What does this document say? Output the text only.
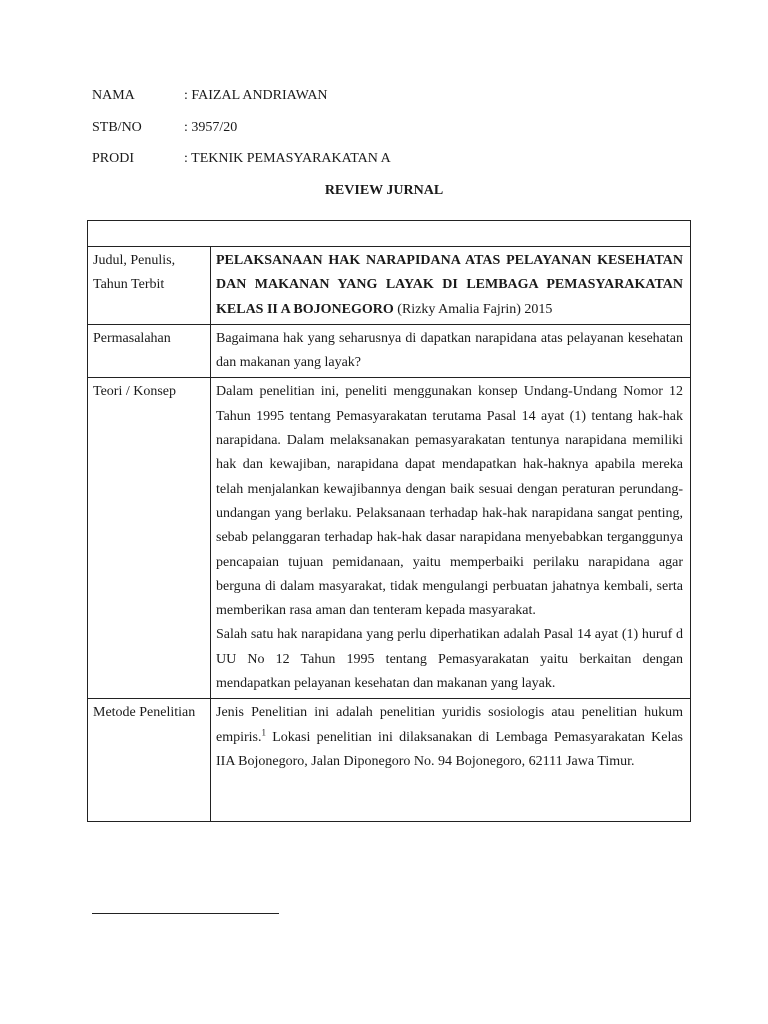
NAMA	: FAIZAL ANDRIAWAN
STB/NO	: 3957/20
PRODI	: TEKNIK PEMASYARAKATAN A
REVIEW JURNAL

Judul, Penulis, Tahun Terbit	PELAKSANAAN HAK NARAPIDANA ATAS PELAYANAN KESEHATAN DAN MAKANAN YANG LAYAK DI LEMBAGA PEMASYARAKATAN KELAS II A BOJONEGORO (Rizky Amalia Fajrin) 2015
Permasalahan	Bagaimana hak yang seharusnya di dapatkan narapidana atas pelayanan kesehatan dan makanan yang layak?
Teori / Konsep	Dalam penelitian ini, peneliti menggunakan konsep Undang-Undang Nomor 12 Tahun 1995 tentang Pemasyarakatan terutama Pasal 14 ayat (1) tentang hak-hak narapidana. Dalam melaksanakan pemasyarakatan tentunya narapidana memiliki hak dan kewajiban, narapidana dapat mendapatkan hak-haknya apabila mereka telah menjalankan kewajibannya dengan baik sesuai dengan peraturan perundang-undangan yang berlaku. Pelaksanaan terhadap hak-hak narapidana sangat penting, sebab pelanggaran terhadap hak-hak dasar narapidana menyebabkan terganggunya pencapaian tujuan pemidanaan, yaitu memperbaiki perilaku narapidana agar berguna di dalam masyarakat, tidak mengulangi perbuatan jahatnya kembali, serta memberikan rasa aman dan tenteram kepada masyarakat.

Salah satu hak narapidana yang perlu diperhatikan adalah Pasal 14 ayat (1) huruf d UU No 12 Tahun 1995 tentang Pemasyarakatan yaitu berkaitan dengan mendapatkan pelayanan kesehatan dan makanan yang layak.

Metode Penelitian	Jenis Penelitian ini adalah penelitian yuridis sosiologis atau penelitian hukum empiris.$^1$ Lokasi penelitian ini dilaksanakan di Lembaga Pemasyarakatan Kelas IIA Bojonegoro, Jalan Diponegoro No. 94 Bojonegoro, 62111 Jawa Timur.
